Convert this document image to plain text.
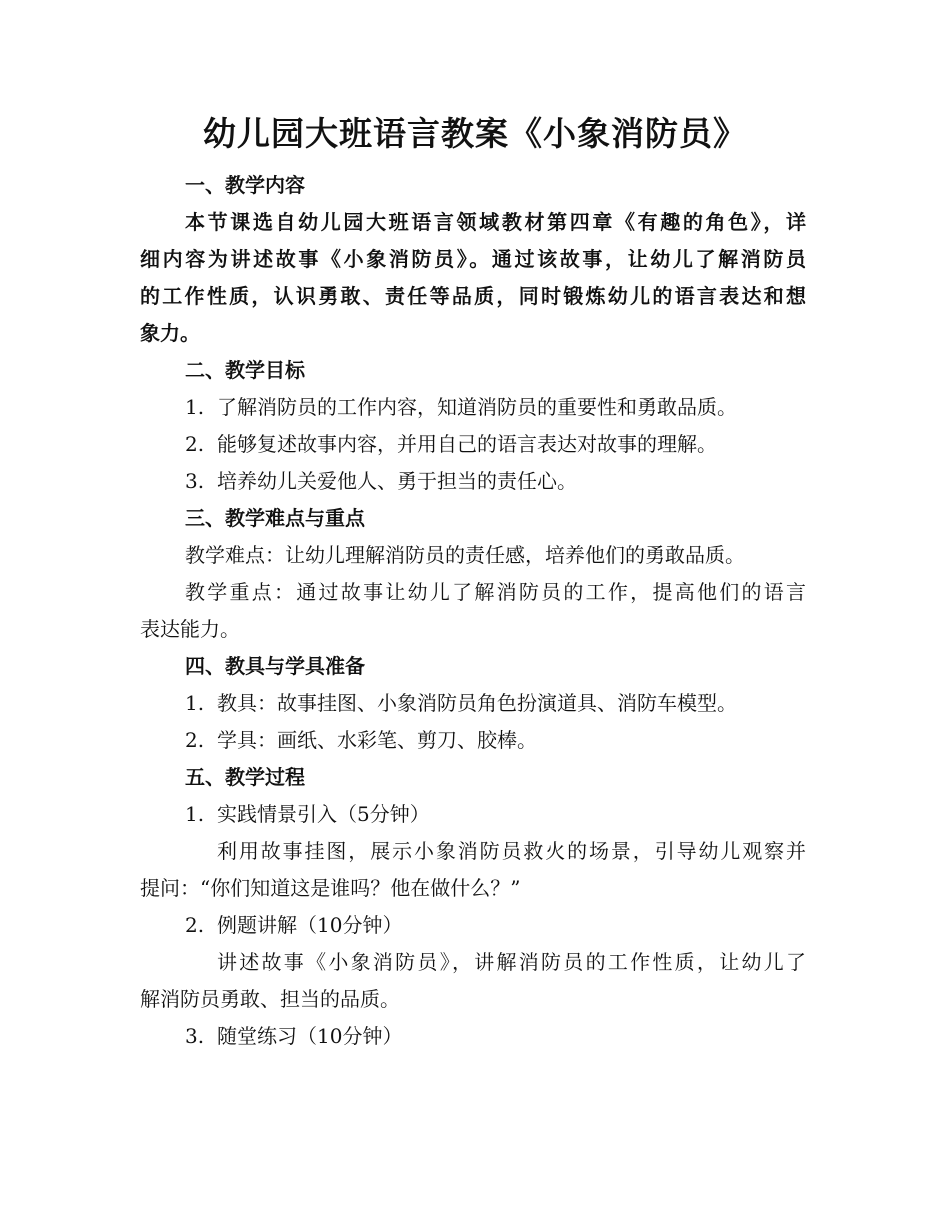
幼儿园大班语言教案《小象消防员》
一、教学内容
本节课选自幼儿园大班语言领域教材第四章《有趣的角色》，详
细内容为讲述故事《小象消防员》。通过该故事，让幼儿了解消防员
的工作性质，认识勇敢、责任等品质，同时锻炼幼儿的语言表达和想
象力。
二、教学目标
1. 了解消防员的工作内容，知道消防员的重要性和勇敢品质。
2. 能够复述故事内容，并用自己的语言表达对故事的理解。
3. 培养幼儿关爱他人、勇于担当的责任心。
三、教学难点与重点
教学难点：让幼儿理解消防员的责任感，培养他们的勇敢品质。
教学重点：通过故事让幼儿了解消防员的工作，提高他们的语言
表达能力。
四、教具与学具准备
1. 教具：故事挂图、小象消防员角色扮演道具、消防车模型。
2. 学具：画纸、水彩笔、剪刀、胶棒。
五、教学过程
1. 实践情景引入（5分钟）
利用故事挂图，展示小象消防员救火的场景，引导幼儿观察并
提问：“你们知道这是谁吗？他在做什么？”
2. 例题讲解（10分钟）
讲述故事《小象消防员》，讲解消防员的工作性质，让幼儿了
解消防员勇敢、担当的品质。
3. 随堂练习（10分钟）
